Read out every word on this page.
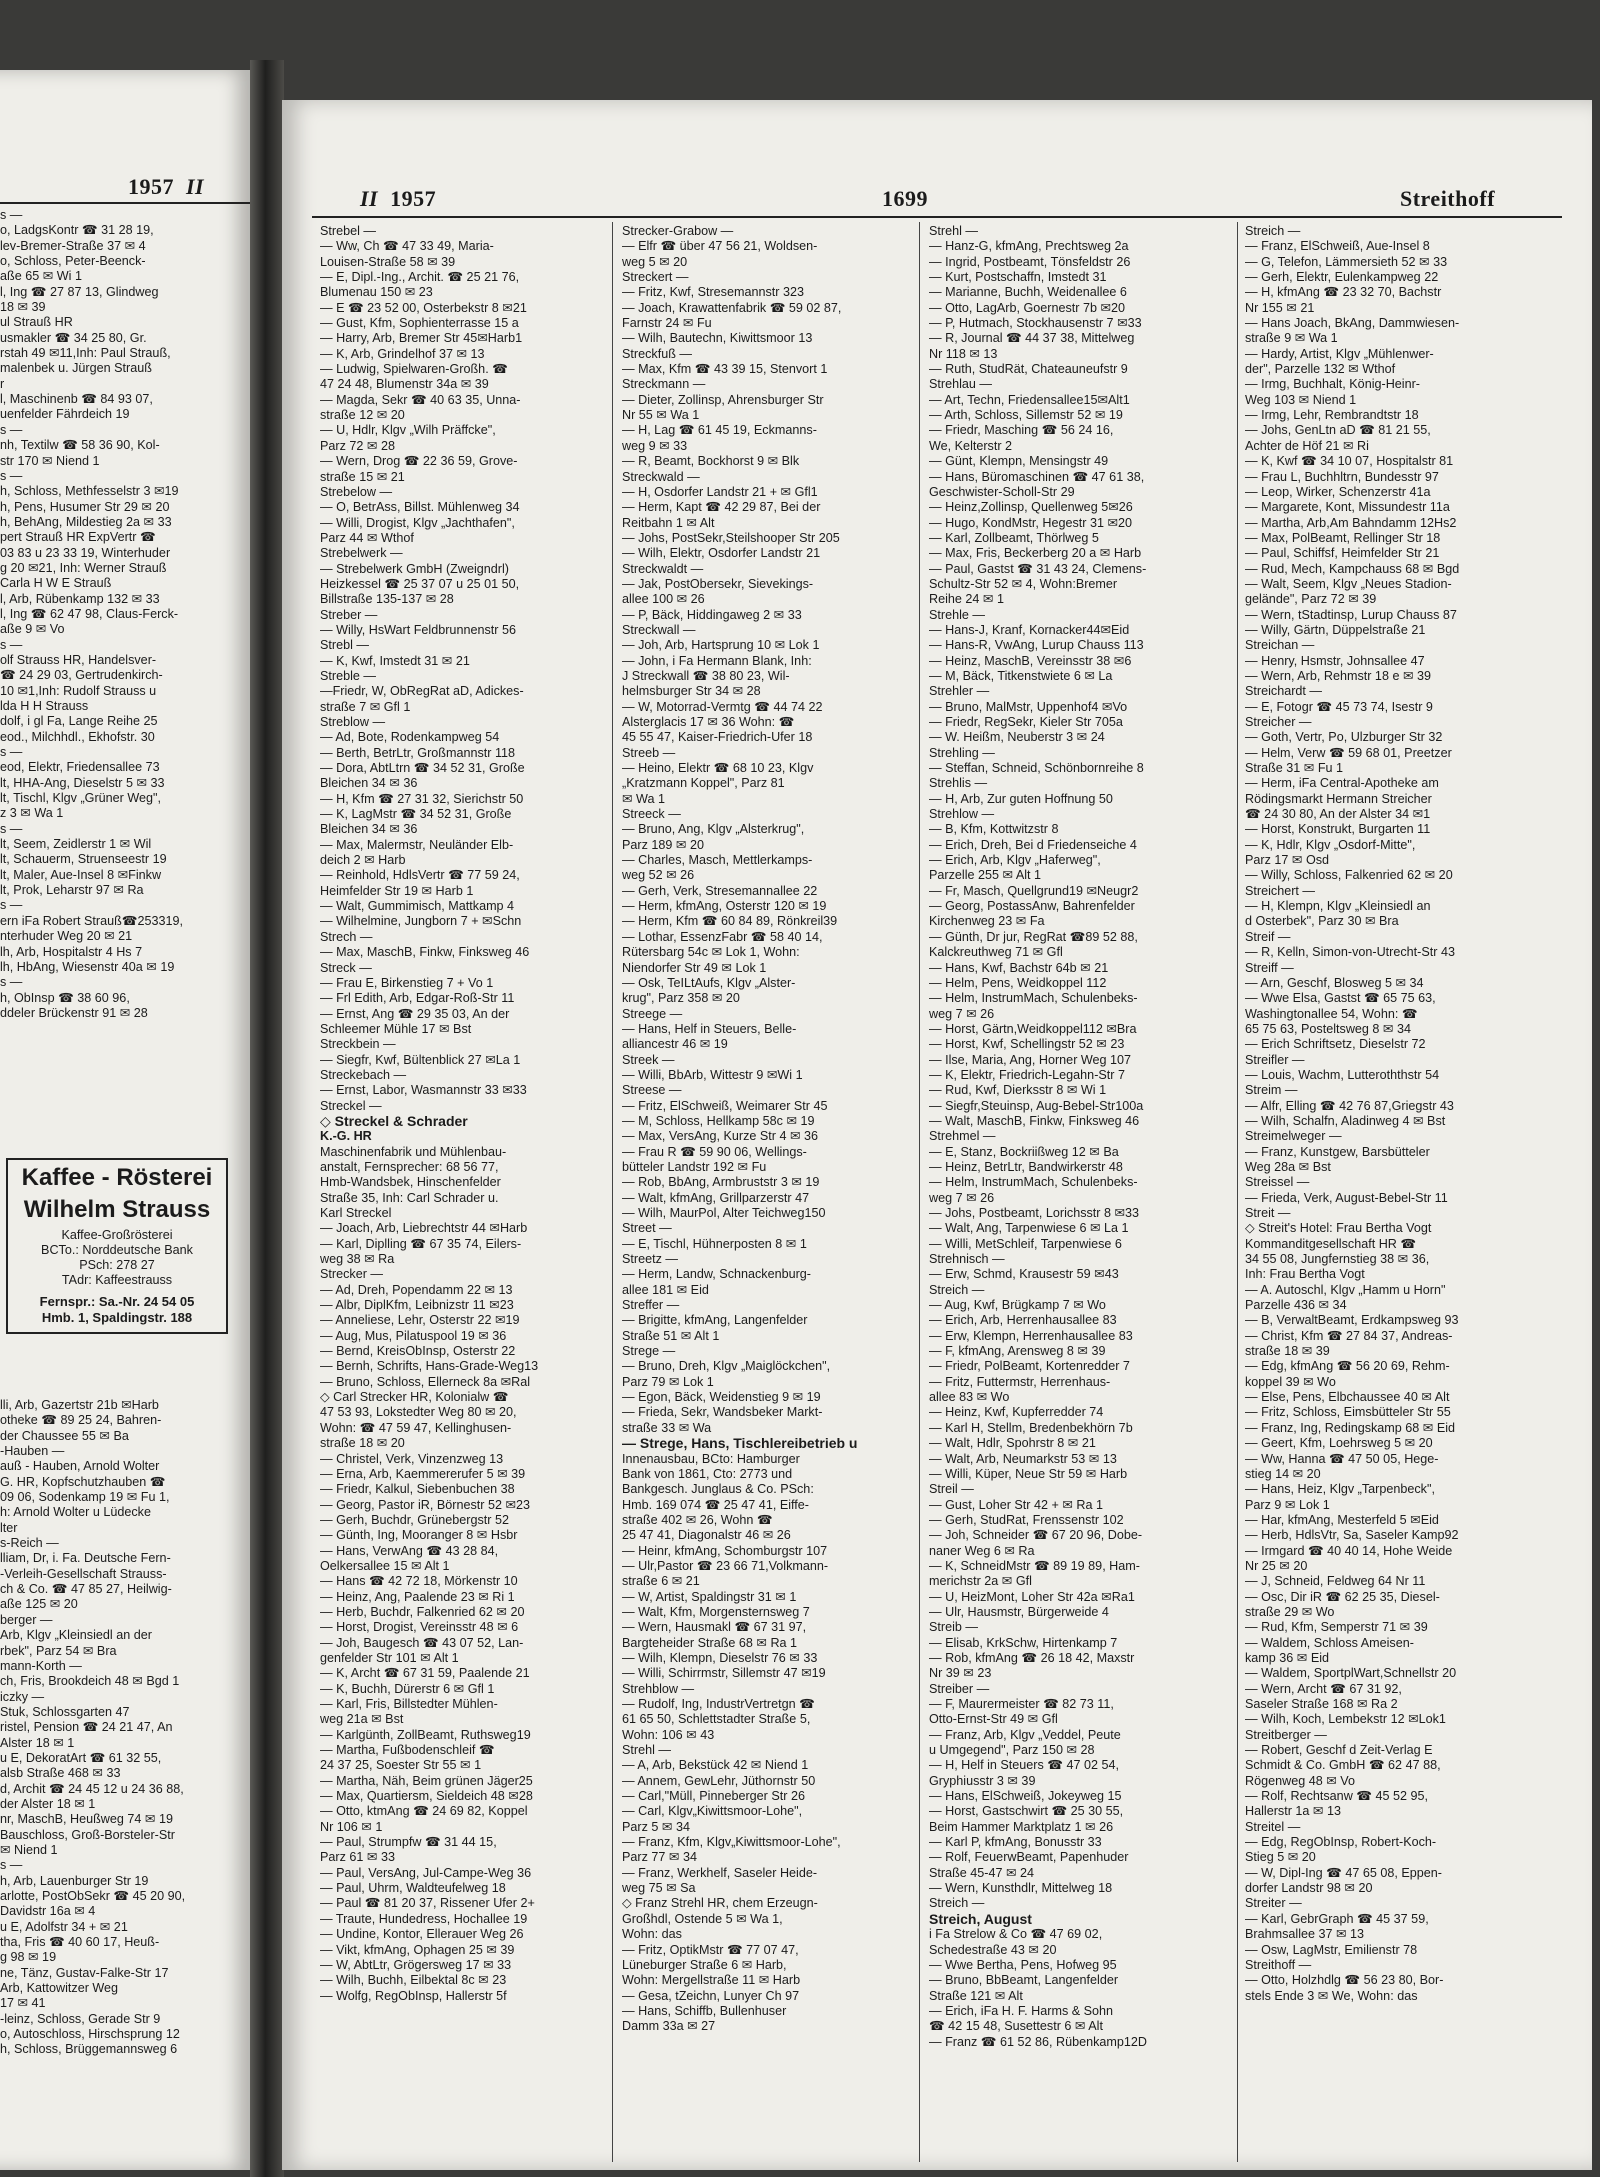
1957 II
s —
o, LadgsKontr ☎ 31 28 19,
lev-Bremer-Straße 37 ✉ 4
o, Schloss, Peter-Beenck-
aße 65 ✉ Wi 1
l, Ing ☎ 27 87 13, Glindweg
18 ✉ 39
ul Strauß HR
usmakler ☎ 34 25 80, Gr.
rstah 49 ✉11,Inh: Paul Strauß,
malenbek u. Jürgen Strauß
r
l, Maschinenb ☎ 84 93 07,
uenfelder Fährdeich 19
s —
nh, Textilw ☎ 58 36 90, Kol-
str 170 ✉ Niend 1
s —
h, Schloss, Methfesselstr 3 ✉19
h, Pens, Husumer Str 29 ✉ 20
h, BehAng, Mildestieg 2a ✉ 33
pert Strauß HR ExpVertr ☎
03 83 u 23 33 19, Winterhuder
g 20 ✉21, Inh: Werner Strauß
Carla H W E Strauß
l, Arb, Rübenkamp 132 ✉ 33
l, Ing ☎ 62 47 98, Claus-Ferck-
aße 9 ✉ Vo
s —
olf Strauss HR, Handelsver-
☎ 24 29 03, Gertrudenkirch-
10 ✉1,Inh: Rudolf Strauss u
lda H H Strauss
dolf, i gl Fa, Lange Reihe 25
eod., Milchhdl., Ekhofstr. 30
s —
eod, Elektr, Friedensallee 73
lt, HHA-Ang, Dieselstr 5 ✉ 33
lt, Tischl, Klgv „Grüner Weg",
z 3 ✉ Wa 1
s —
lt, Seem, Zeidlerstr 1 ✉ Wil
lt, Schauerm, Struenseestr 19
lt, Maler, Aue-Insel 8 ✉Finkw
lt, Prok, Leharstr 97 ✉ Ra
s —
ern iFa Robert Strauß☎253319,
nterhuder Weg 20 ✉ 21
lh, Arb, Hospitalstr 4 Hs 7
lh, HbAng, Wiesenstr 40a ✉ 19
s —
h, ObInsp ☎ 38 60 96,
ddeler Brückenstr 91 ✉ 28
Kaffee - Rösterei
Wilhelm Strauss
Kaffee-Großrösterei
BCTo.: Norddeutsche Bank
PSch: 278 27
TAdr: Kaffeestrauss
Fernspr.: Sa.-Nr. 24 54 05
Hmb. 1, Spaldingstr. 188
lli, Arb, Gazertstr 21b ✉Harb
otheke ☎ 89 25 24, Bahren-
der Chaussee 55 ✉ Ba
-Hauben —
auß - Hauben, Arnold Wolter
G. HR, Kopfschutzhauben ☎
09 06, Sodenkamp 19 ✉ Fu 1,
h: Arnold Wolter u Lüdecke
lter
s-Reich —
lliam, Dr, i. Fa. Deutsche Fern-
-Verleih-Gesellschaft Strauss-
ch & Co. ☎ 47 85 27, Heilwig-
aße 125 ✉ 20
berger —
Arb, Klgv „Kleinsiedl an der
rbek", Parz 54 ✉ Bra
mann-Korth —
ch, Fris, Brookdeich 48 ✉ Bgd 1
iczky —
Stuk, Schlossgarten 47
ristel, Pension ☎ 24 21 47, An
Alster 18 ✉ 1
u E, DekoratArt ☎ 61 32 55,
alsb Straße 468 ✉ 33
d, Archit ☎ 24 45 12 u 24 36 88,
der Alster 18 ✉ 1
nr, MaschB, Heußweg 74 ✉ 19
Bauschloss, Groß-Borsteler-Str
✉ Niend 1
s —
h, Arb, Lauenburger Str 19
arlotte, PostObSekr ☎ 45 20 90,
Davidstr 16a ✉ 4
u E, Adolfstr 34 + ✉ 21
tha, Fris ☎ 40 60 17, Heuß-
g 98 ✉ 19
ne, Tänz, Gustav-Falke-Str 17
Arb, Kattowitzer Weg
17 ✉ 41
-leinz, Schloss, Gerade Str 9
o, Autoschloss, Hirschsprung 12
h, Schloss, Brüggemannsweg 6
II 1957	1699	Streithoff
Strebel —
— Ww, Ch ☎ 47 33 49, Maria-
Louisen-Straße 58 ✉ 39
— E, Dipl.-Ing., Archit. ☎ 25 21 76,
Blumenau 150 ✉ 23
— E ☎ 23 52 00, Osterbekstr 8 ✉21
— Gust, Kfm, Sophienterrasse 15 a
— Harry, Arb, Bremer Str 45✉Harb1
— K, Arb, Grindelhof 37 ✉ 13
— Ludwig, Spielwaren-Großh. ☎
47 24 48, Blumenstr 34a ✉ 39
— Magda, Sekr ☎ 40 63 35, Unna-
straße 12 ✉ 20
— U, Hdlr, Klgv „Wilh Präffcke",
Parz 72 ✉ 28
— Wern, Drog ☎ 22 36 59, Grove-
straße 15 ✉ 21
Strebelow —
— O, BetrAss, Billst. Mühlenweg 34
— Willi, Drogist, Klgv „Jachthafen",
Parz 44 ✉ Wthof
Strebelwerk —
— Strebelwerk GmbH (Zweigndrl)
Heizkessel ☎ 25 37 07 u 25 01 50,
Billstraße 135-137 ✉ 28
Streber —
— Willy, HsWart Feldbrunnenstr 56
Strebl —
— K, Kwf, Imstedt 31 ✉ 21
Streble —
—Friedr, W, ObRegRat aD, Adickes-
straße 7 ✉ Gfl 1
Streblow —
— Ad, Bote, Rodenkampweg 54
— Berth, BetrLtr, Großmannstr 118
— Dora, AbtLtrn ☎ 34 52 31, Große
Bleichen 34 ✉ 36
— H, Kfm ☎ 27 31 32, Sierichstr 50
— K, LagMstr ☎ 34 52 31, Große
Bleichen 34 ✉ 36
— Max, Malermstr, Neuländer Elb-
deich 2 ✉ Harb
— Reinhold, HdlsVertr ☎ 77 59 24,
Heimfelder Str 19 ✉ Harb 1
— Walt, Gummimisch, Mattkamp 4
— Wilhelmine, Jungborn 7 + ✉Schn
Strech —
— Max, MaschB, Finkw, Finksweg 46
Streck —
— Frau E, Birkenstieg 7 + Vo 1
— Frl Edith, Arb, Edgar-Roß-Str 11
— Ernst, Ang ☎ 29 35 03, An der
Schleemer Mühle 17 ✉ Bst
Streckbein —
— Siegfr, Kwf, Bültenblick 27 ✉La 1
Streckebach —
— Ernst, Labor, Wasmannstr 33 ✉33
Streckel —
◇ Streckel & Schrader
K.-G. HR
Maschinenfabrik und Mühlenbau-
anstalt, Fernsprecher: 68 56 77,
Hmb-Wandsbek, Hinschenfelder
Straße 35, Inh: Carl Schrader u.
Karl Streckel
— Joach, Arb, Liebrechtstr 44 ✉Harb
— Karl, Diplling ☎ 67 35 74, Eilers-
weg 38 ✉ Ra
Strecker —
— Ad, Dreh, Popendamm 22 ✉ 13
— Albr, DiplKfm, Leibnizstr 11 ✉23
— Anneliese, Lehr, Osterstr 22 ✉19
— Aug, Mus, Pilatuspool 19 ✉ 36
— Bernd, KreisObInsp, Osterstr 22
— Bernh, Schrifts, Hans-Grade-Weg13
— Bruno, Schloss, Ellerneck 8a ✉Ral
◇ Carl Strecker HR, Kolonialw ☎
47 53 93, Lokstedter Weg 80 ✉ 20,
Wohn: ☎ 47 59 47, Kellinghusen-
straße 18 ✉ 20
— Christel, Verk, Vinzenzweg 13
— Erna, Arb, Kaemmererufer 5 ✉ 39
— Friedr, Kalkul, Siebenbuchen 38
— Georg, Pastor iR, Börnestr 52 ✉23
— Gerh, Buchdr, Grünebergstr 52
— Günth, Ing, Mooranger 8 ✉ Hsbr
— Hans, VerwAng ☎ 43 28 84,
Oelkersallee 15 ✉ Alt 1
— Hans ☎ 42 72 18, Mörkenstr 10
— Heinz, Ang, Paalende 23 ✉ Ri 1
— Herb, Buchdr, Falkenried 62 ✉ 20
— Horst, Drogist, Vereinsstr 48 ✉ 6
— Joh, Baugesch ☎ 43 07 52, Lan-
genfelder Str 101 ✉ Alt 1
— K, Archt ☎ 67 31 59, Paalende 21
— K, Buchh, Dürerstr 6 ✉ Gfl 1
— Karl, Fris, Billstedter Mühlen-
weg 21a ✉ Bst
— Karlgünth, ZollBeamt, Ruthsweg19
— Martha, Fußbodenschleif ☎
24 37 25, Soester Str 55 ✉ 1
— Martha, Näh, Beim grünen Jäger25
— Max, Quartiersm, Sieldeich 48 ✉28
— Otto, ktmAng ☎ 24 69 82, Koppel
Nr 106 ✉ 1
— Paul, Strumpfw ☎ 31 44 15,
Parz 61 ✉ 33
— Paul, VersAng, Jul-Campe-Weg 36
— Paul, Uhrm, Waldteufelweg 18
— Paul ☎ 81 20 37, Rissener Ufer 2+
— Traute, Hundedress, Hochallee 19
— Undine, Kontor, Ellerauer Weg 26
— Vikt, kfmAng, Ophagen 25 ✉ 39
— W, AbtLtr, Grögersweg 17 ✉ 33
— Wilh, Buchh, Eilbektal 8c ✉ 23
— Wolfg, RegObInsp, Hallerstr 5f
Strecker-Grabow —
— Elfr ☎ über 47 56 21, Woldsen-
weg 5 ✉ 20
Streckert —
— Fritz, Kwf, Stresemannstr 323
— Joach, Krawattenfabrik ☎ 59 02 87,
Farnstr 24 ✉ Fu
— Wilh, Bautechn, Kiwittsmoor 13
Streckfuß —
— Max, Kfm ☎ 43 39 15, Stenvort 1
Streckmann —
— Dieter, Zollinsp, Ahrensburger Str
Nr 55 ✉ Wa 1
— H, Lag ☎ 61 45 19, Eckmanns-
weg 9 ✉ 33
— R, Beamt, Bockhorst 9 ✉ Blk
Streckwald —
— H, Osdorfer Landstr 21 + ✉ Gfl1
— Herm, Kapt ☎ 42 29 87, Bei der
Reitbahn 1 ✉ Alt
— Johs, PostSekr,Steilshooper Str 205
— Wilh, Elektr, Osdorfer Landstr 21
Streckwaldt —
— Jak, PostObersekr, Sievekings-
allee 100 ✉ 26
— P, Bäck, Hiddingaweg 2 ✉ 33
Streckwall —
— Joh, Arb, Hartsprung 10 ✉ Lok 1
— John, i Fa Hermann Blank, Inh:
J Streckwall ☎ 38 80 23, Wil-
helmsburger Str 34 ✉ 28
— W, Motorrad-Vermtg ☎ 44 74 22
Alsterglacis 17 ✉ 36 Wohn: ☎
45 55 47, Kaiser-Friedrich-Ufer 18
Streeb —
— Heino, Elektr ☎ 68 10 23, Klgv
„Kratzmann Koppel", Parz 81
✉ Wa 1
Streeck —
— Bruno, Ang, Klgv „Alsterkrug",
Parz 189 ✉ 20
— Charles, Masch, Mettlerkamps-
weg 52 ✉ 26
— Gerh, Verk, Stresemannallee 22
— Herm, kfmAng, Osterstr 120 ✉ 19
— Herm, Kfm ☎ 60 84 89, Rönkreil39
— Lothar, EssenzFabr ☎ 58 40 14,
Rütersbarg 54c ✉ Lok 1, Wohn:
Niendorfer Str 49 ✉ Lok 1
— Osk, TeILtAufs, Klgv „Alster-
krug", Parz 358 ✉ 20
Streege —
— Hans, Helf in Steuers, Belle-
alliancestr 46 ✉ 19
Streek —
— Willi, BbArb, Wittestr 9 ✉Wi 1
Streese —
— Fritz, ElSchweiß, Weimarer Str 45
— M, Schloss, Hellkamp 58c ✉ 19
— Max, VersAng, Kurze Str 4 ✉ 36
— Frau R ☎ 59 90 06, Wellings-
bütteler Landstr 192 ✉ Fu
— Rob, BbAng, Armbruststr 3 ✉ 19
— Walt, kfmAng, Grillparzerstr 47
— Wilh, MaurPol, Alter Teichweg150
Street —
— E, Tischl, Hühnerposten 8 ✉ 1
Streetz —
— Herm, Landw, Schnackenburg-
allee 181 ✉ Eid
Streffer —
— Brigitte, kfmAng, Langenfelder
Straße 51 ✉ Alt 1
Strege —
— Bruno, Dreh, Klgv „Maiglöckchen",
Parz 79 ✉ Lok 1
— Egon, Bäck, Weidenstieg 9 ✉ 19
— Frieda, Sekr, Wandsbeker Markt-
straße 33 ✉ Wa
— Strege, Hans, Tischlereibetrieb u
Innenausbau, BCto: Hamburger
Bank von 1861, Cto: 2773 und
Bankgesch. Junglaus & Co. PSch:
Hmb. 169 074 ☎ 25 47 41, Eiffe-
straße 402 ✉ 26, Wohn ☎
25 47 41, Diagonalstr 46 ✉ 26
— Heinr, kfmAng, Schomburgstr 107
— Ulr,Pastor ☎ 23 66 71,Volkmann-
straße 6 ✉ 21
— W, Artist, Spaldingstr 31 ✉ 1
— Walt, Kfm, Morgensternsweg 7
— Wern, Hausmakl ☎ 67 31 97,
Bargteheider Straße 68 ✉ Ra 1
— Wilh, Klempn, Dieselstr 76 ✉ 33
— Willi, Schirrmstr, Sillemstr 47 ✉19
Strehblow —
— Rudolf, Ing, IndustrVertretgn ☎
61 65 50, Schlettstadter Straße 5,
Wohn: 106 ✉ 43
Strehl —
— A, Arb, Bekstück 42 ✉ Niend 1
— Annem, GewLehr, Jüthornstr 50
— Carl,"Müll, Pinneberger Str 26
— Carl, Klgv„Kiwittsmoor-Lohe",
Parz 5 ✉ 34
— Franz, Kfm, Klgv„Kiwittsmoor-Lohe",
Parz 77 ✉ 34
— Franz, Werkhelf, Saseler Heide-
weg 75 ✉ Sa
◇ Franz Strehl HR, chem Erzeugn-
Großhdl, Ostende 5 ✉ Wa 1,
Wohn: das
— Fritz, OptikMstr ☎ 77 07 47,
Lüneburger Straße 6 ✉ Harb,
Wohn: Mergellstraße 11 ✉ Harb
— Gesa, tZeichn, Lunyer Ch 97
— Hans, Schiffb, Bullenhuser
Damm 33a ✉ 27
Strehl —
— Hanz-G, kfmAng, Prechtsweg 2a
— Ingrid, Postbeamt, Tönsfeldstr 26
— Kurt, Postschaffn, Imstedt 31
— Marianne, Buchh, Weidenallee 6
— Otto, LagArb, Goernestr 7b ✉20
— P, Hutmach, Stockhausenstr 7 ✉33
— R, Journal ☎ 44 37 38, Mittelweg
Nr 118 ✉ 13
— Ruth, StudRät, Chateauneufstr 9
Strehlau —
— Art, Techn, Friedensallee15✉Alt1
— Arth, Schloss, Sillemstr 52 ✉ 19
— Friedr, Masching ☎ 56 24 16,
We, Kelterstr 2
— Günt, Klempn, Mensingstr 49
— Hans, Büromaschinen ☎ 47 61 38,
Geschwister-Scholl-Str 29
— Heinz,Zollinsp, Quellenweg 5✉26
— Hugo, KondMstr, Hegestr 31 ✉20
— Karl, Zollbeamt, Thörlweg 5
— Max, Fris, Beckerberg 20 a ✉ Harb
— Paul, Gastst ☎ 31 43 24, Clemens-
Schultz-Str 52 ✉ 4, Wohn:Bremer
Reihe 24 ✉ 1
Strehle —
— Hans-J, Kranf, Kornacker44✉Eid
— Hans-R, VwAng, Lurup Chauss 113
— Heinz, MaschB, Vereinsstr 38 ✉6
— M, Bäck, Titkenstwiete 6 ✉ La
Strehler —
— Bruno, MalMstr, Uppenhof4 ✉Vo
— Friedr, RegSekr, Kieler Str 705a
— W. Heißm, Neuberstr 3 ✉ 24
Strehling —
— Steffan, Schneid, Schönbornreihe 8
Strehlis —
— H, Arb, Zur guten Hoffnung 50
Strehlow —
— B, Kfm, Kottwitzstr 8
— Erich, Dreh, Bei d Friedenseiche 4
— Erich, Arb, Klgv „Haferweg",
Parzelle 255 ✉ Alt 1
— Fr, Masch, Quellgrund19 ✉Neugr2
— Georg, PostassAnw, Bahrenfelder
Kirchenweg 23 ✉ Fa
— Günth, Dr jur, RegRat ☎89 52 88,
Kalckreuthweg 71 ✉ Gfl
— Hans, Kwf, Bachstr 64b ✉ 21
— Helm, Pens, Weidkoppel 112
— Helm, InstrumMach, Schulenbeks-
weg 7 ✉ 26
— Horst, Gärtn,Weidkoppel112 ✉Bra
— Horst, Kwf, Schellingstr 52 ✉ 23
— Ilse, Maria, Ang, Horner Weg 107
— K, Elektr, Friedrich-Legahn-Str 7
— Rud, Kwf, Dierksstr 8 ✉ Wi 1
— Siegfr,Steuinsp, Aug-Bebel-Str100a
— Walt, MaschB, Finkw, Finksweg 46
Strehmel —
— E, Stanz, Bockriißweg 12 ✉ Ba
— Heinz, BetrLtr, Bandwirkerstr 48
— Helm, InstrumMach, Schulenbeks-
weg 7 ✉ 26
— Johs, Postbeamt, Lorichsstr 8 ✉33
— Walt, Ang, Tarpenwiese 6 ✉ La 1
— Willi, MetSchleif, Tarpenwiese 6
Strehnisch —
— Erw, Schmd, Krausestr 59 ✉43
Streich —
— Aug, Kwf, Brügkamp 7 ✉ Wo
— Erich, Arb, Herrenhausallee 83
— Erw, Klempn, Herrenhausallee 83
— F, kfmAng, Arensweg 8 ✉ 39
— Friedr, PolBeamt, Kortenredder 7
— Fritz, Futtermstr, Herrenhaus-
allee 83 ✉ Wo
— Heinz, Kwf, Kupferredder 74
— Karl H, Stellm, Bredenbekhörn 7b
— Walt, Hdlr, Spohrstr 8 ✉ 21
— Walt, Arb, Neumarkstr 53 ✉ 13
— Willi, Küper, Neue Str 59 ✉ Harb
Streil —
— Gust, Loher Str 42 + ✉ Ra 1
— Gerh, StudRat, Frenssenstr 102
— Joh, Schneider ☎ 67 20 96, Dobe-
naner Weg 6 ✉ Ra
— K, SchneidMstr ☎ 89 19 89, Ham-
merichstr 2a ✉ Gfl
— U, HeizMont, Loher Str 42a ✉Ra1
— Ulr, Hausmstr, Bürgerweide 4
Streib —
— Elisab, KrkSchw, Hirtenkamp 7
— Rob, kfmAng ☎ 26 18 42, Maxstr
Nr 39 ✉ 23
Streiber —
— F, Maurermeister ☎ 82 73 11,
Otto-Ernst-Str 49 ✉ Gfl
— Franz, Arb, Klgv „Veddel, Peute
u Umgegend", Parz 150 ✉ 28
— H, Helf in Steuers ☎ 47 02 54,
Gryphiusstr 3 ✉ 39
— Hans, ElSchweiß, Jokeyweg 15
— Horst, Gastschwirt ☎ 25 30 55,
Beim Hammer Marktplatz 1 ✉ 26
— Karl P, kfmAng, Bonusstr 33
— Rolf, FeuerwBeamt, Papenhuder
Straße 45-47 ✉ 24
— Wern, Kunsthdlr, Mittelweg 18
Streich —
Streich, August
i Fa Strelow & Co ☎ 47 69 02,
Schedestraße 43 ✉ 20
— Wwe Bertha, Pens, Hofweg 95
— Bruno, BbBeamt, Langenfelder
Straße 121 ✉ Alt
— Erich, iFa H. F. Harms & Sohn
☎ 42 15 48, Susettestr 6 ✉ Alt
— Franz ☎ 61 52 86, Rübenkamp12D
Streich —
— Franz, ElSchweiß, Aue-Insel 8
— G, Telefon, Lämmersieth 52 ✉ 33
— Gerh, Elektr, Eulenkampweg 22
— H, kfmAng ☎ 23 32 70, Bachstr
Nr 155 ✉ 21
— Hans Joach, BkAng, Dammwiesen-
straße 9 ✉ Wa 1
— Hardy, Artist, Klgv „Mühlenwer-
der", Parzelle 132 ✉ Wthof
— Irmg, Buchhalt, König-Heinr-
Weg 103 ✉ Niend 1
— Irmg, Lehr, Rembrandtstr 18
— Johs, GenLtn aD ☎ 81 21 55,
Achter de Höf 21 ✉ Ri
— K, Kwf ☎ 34 10 07, Hospitalstr 81
— Frau L, Buchhltrn, Bundesstr 97
— Leop, Wirker, Schenzerstr 41a
— Margarete, Kont, Missundestr 11a
— Martha, Arb,Am Bahndamm 12Hs2
— Max, PolBeamt, Rellinger Str 18
— Paul, Schiffsf, Heimfelder Str 21
— Rud, Mech, Kampchauss 68 ✉ Bgd
— Walt, Seem, Klgv „Neues Stadion-
gelände", Parz 72 ✉ 39
— Wern, tStadtinsp, Lurup Chauss 87
— Willy, Gärtn, Düppelstraße 21
Streichan —
— Henry, Hsmstr, Johnsallee 47
— Wern, Arb, Rehmstr 18 e ✉ 39
Streichardt —
— E, Fotogr ☎ 45 73 74, Isestr 9
Streicher —
— Goth, Vertr, Po, Ulzburger Str 32
— Helm, Verw ☎ 59 68 01, Preetzer
Straße 31 ✉ Fu 1
— Herm, iFa Central-Apotheke am
Rödingsmarkt Hermann Streicher
☎ 24 30 80, An der Alster 34 ✉1
— Horst, Konstrukt, Burgarten 11
— K, Hdlr, Klgv „Osdorf-Mitte",
Parz 17 ✉ Osd
— Willy, Schloss, Falkenried 62 ✉ 20
Streichert —
— H, Klempn, Klgv „Kleinsiedl an
d Osterbek", Parz 30 ✉ Bra
Streif —
— R, Kelln, Simon-von-Utrecht-Str 43
Streiff —
— Arn, Geschf, Blosweg 5 ✉ 34
— Wwe Elsa, Gastst ☎ 65 75 63,
Washingtonallee 54, Wohn: ☎
65 75 63, Posteltsweg 8 ✉ 34
— Erich Schriftsetz, Dieselstr 72
Streifler —
— Louis, Wachm, Lutteroththstr 54
Streim —
— Alfr, Elling ☎ 42 76 87,Griegstr 43
— Wilh, Schalfn, Aladinweg 4 ✉ Bst
Streimelweger —
— Franz, Kunstgew, Barsbütteler
Weg 28a ✉ Bst
Streissel —
— Frieda, Verk, August-Bebel-Str 11
Streit —
◇ Streit's Hotel: Frau Bertha Vogt
Kommanditgesellschaft HR ☎
34 55 08, Jungfernstieg 38 ✉ 36,
Inh: Frau Bertha Vogt
— A. Autoschl, Klgv „Hamm u Horn"
Parzelle 436 ✉ 34
— B, VerwaltBeamt, Erdkampsweg 93
— Christ, Kfm ☎ 27 84 37, Andreas-
straße 18 ✉ 39
— Edg, kfmAng ☎ 56 20 69, Rehm-
koppel 39 ✉ Wo
— Else, Pens, Elbchaussee 40 ✉ Alt
— Fritz, Schloss, Eimsbütteler Str 55
— Franz, Ing, Redingskamp 68 ✉ Eid
— Geert, Kfm, Loehrsweg 5 ✉ 20
— Ww, Hanna ☎ 47 50 05, Hege-
stieg 14 ✉ 20
— Hans, Heiz, Klgv „Tarpenbeck",
Parz 9 ✉ Lok 1
— Har, kfmAng, Mesterfeld 5 ✉Eid
— Herb, HdlsVtr, Sa, Saseler Kamp92
— Irmgard ☎ 40 40 14, Hohe Weide
Nr 25 ✉ 20
— J, Schneid, Feldweg 64 Nr 11
— Osc, Dir iR ☎ 62 25 35, Diesel-
straße 29 ✉ Wo
— Rud, Kfm, Semperstr 71 ✉ 39
— Waldem, Schloss Ameisen-
kamp 36 ✉ Eid
— Waldem, SportplWart,Schnellstr 20
— Wern, Archt ☎ 67 31 92,
Saseler Straße 168 ✉ Ra 2
— Wilh, Koch, Lembekstr 12 ✉Lok1
Streitberger —
— Robert, Geschf d Zeit-Verlag E
Schmidt & Co. GmbH ☎ 62 47 88,
Rögenweg 48 ✉ Vo
— Rolf, Rechtsanw ☎ 45 52 95,
Hallerstr 1a ✉ 13
Streitel —
— Edg, RegObInsp, Robert-Koch-
Stieg 5 ✉ 20
— W, Dipl-Ing ☎ 47 65 08, Eppen-
dorfer Landstr 98 ✉ 20
Streiter —
— Karl, GebrGraph ☎ 45 37 59,
Brahmsallee 37 ✉ 13
— Osw, LagMstr, Emilienstr 78
Streithoff —
— Otto, Holzhdlg ☎ 56 23 80, Bor-
stels Ende 3 ✉ We, Wohn: das
